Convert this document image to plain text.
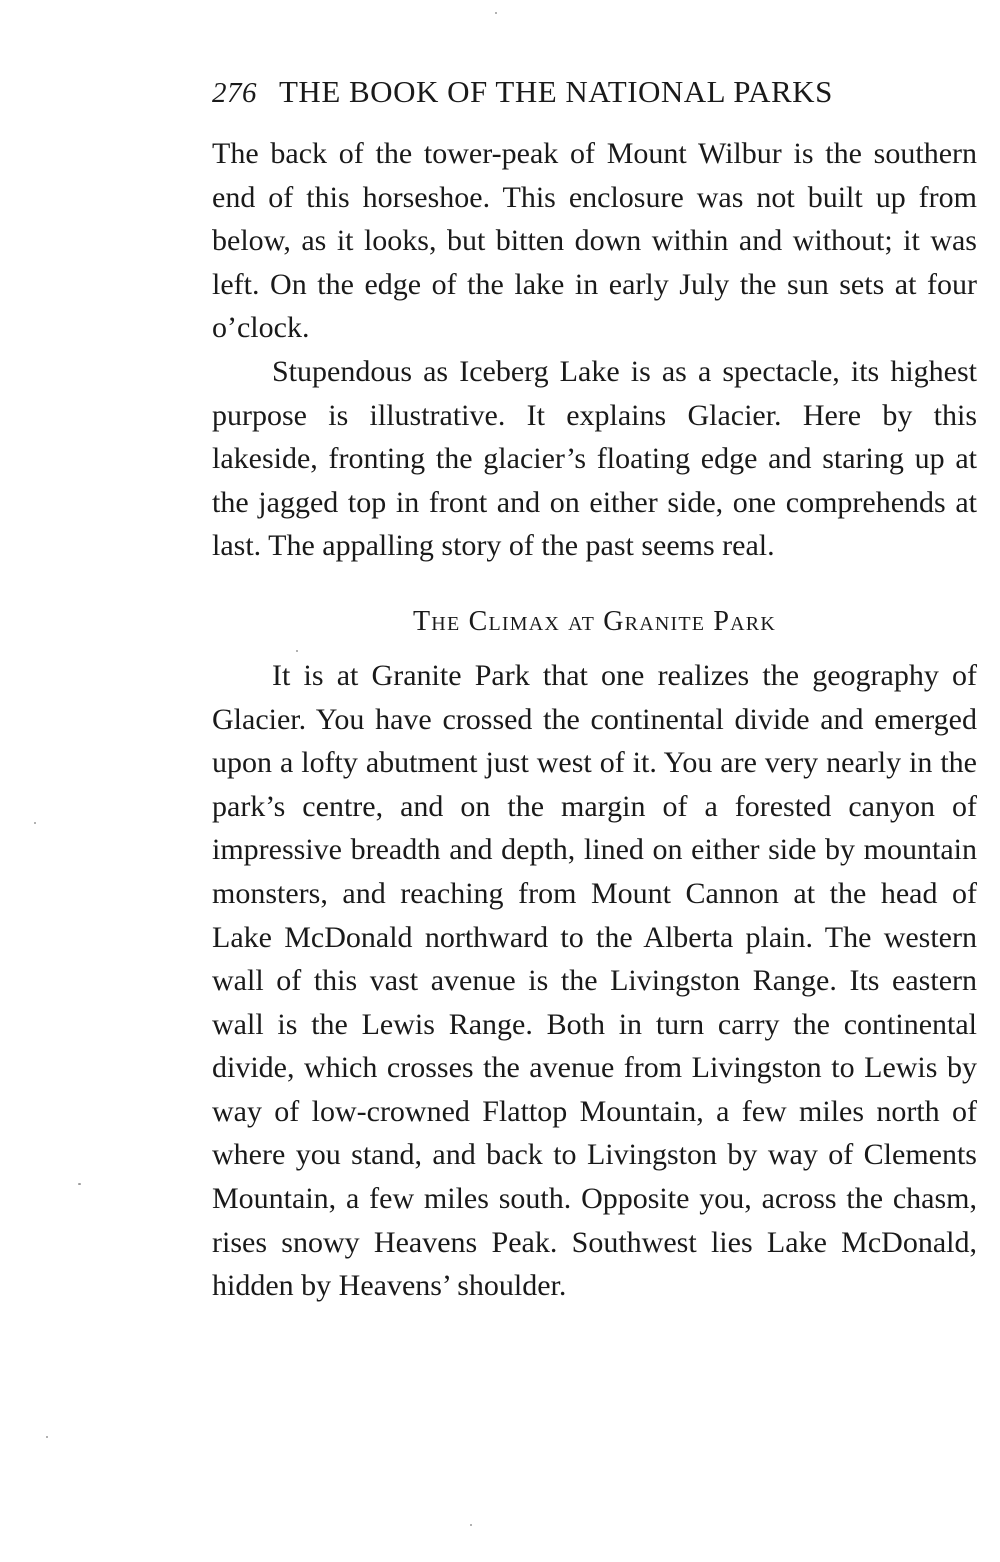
276 THE BOOK OF THE NATIONAL PARKS

The back of the tower-peak of Mount Wilbur is the southern end of this horseshoe. This enclosure was not built up from below, as it looks, but bitten down within and without; it was left. On the edge of the lake in early July the sun sets at four o’clock.

Stupendous as Iceberg Lake is as a spectacle, its highest purpose is illustrative. It explains Glacier. Here by this lakeside, fronting the glacier’s floating edge and staring up at the jagged top in front and on either side, one comprehends at last. The appalling story of the past seems real.

The Climax at Granite Park

It is at Granite Park that one realizes the geography of Glacier. You have crossed the continental divide and emerged upon a lofty abutment just west of it. You are very nearly in the park’s centre, and on the margin of a forested canyon of impressive breadth and depth, lined on either side by mountain monsters, and reaching from Mount Cannon at the head of Lake McDonald northward to the Alberta plain. The western wall of this vast avenue is the Livingston Range. Its eastern wall is the Lewis Range. Both in turn carry the continental divide, which crosses the avenue from Livingston to Lewis by way of low-crowned Flattop Mountain, a few miles north of where you stand, and back to Livingston by way of Clements Mountain, a few miles south. Opposite you, across the chasm, rises snowy Heavens Peak. Southwest lies Lake McDonald, hidden by Heavens’ shoulder.
